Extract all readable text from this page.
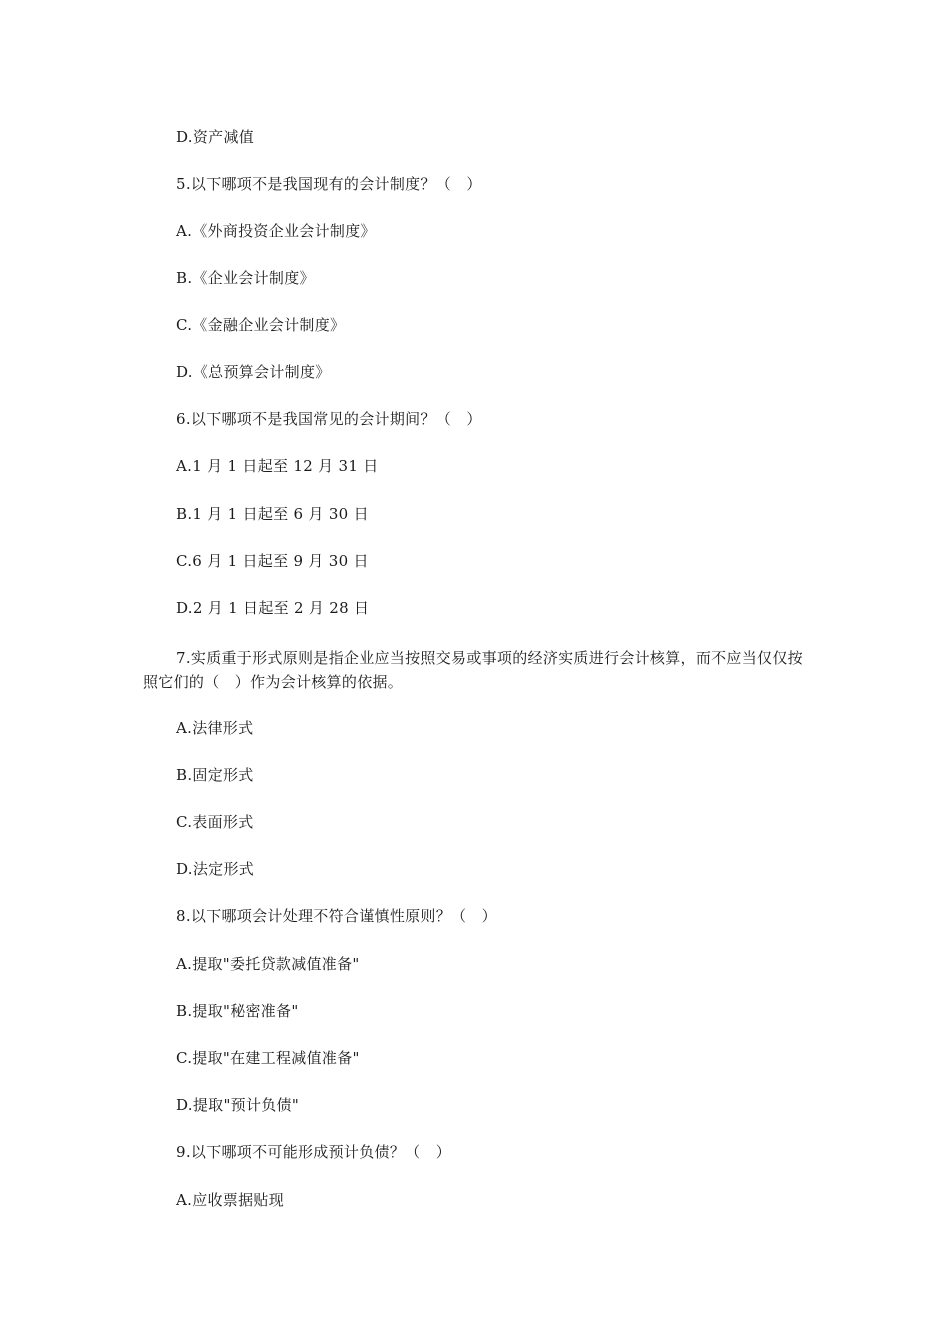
D.资产减值
5.以下哪项不是我国现有的会计制度？（　）
A.《外商投资企业会计制度》
B.《企业会计制度》
C.《金融企业会计制度》
D.《总预算会计制度》
6.以下哪项不是我国常见的会计期间？（　）
A.1 月 1 日起至 12 月 31 日
B.1 月 1 日起至 6 月 30 日
C.6 月 1 日起至 9 月 30 日
D.2 月 1 日起至 2 月 28 日
7.实质重于形式原则是指企业应当按照交易或事项的经济实质进行会计核算，而不应当仅仅按照它们的（　）作为会计核算的依据。
A.法律形式
B.固定形式
C.表面形式
D.法定形式
8.以下哪项会计处理不符合谨慎性原则？（　）
A.提取"委托贷款减值准备"
B.提取"秘密准备"
C.提取"在建工程减值准备"
D.提取"预计负债"
9.以下哪项不可能形成预计负债？（　）
A.应收票据贴现
